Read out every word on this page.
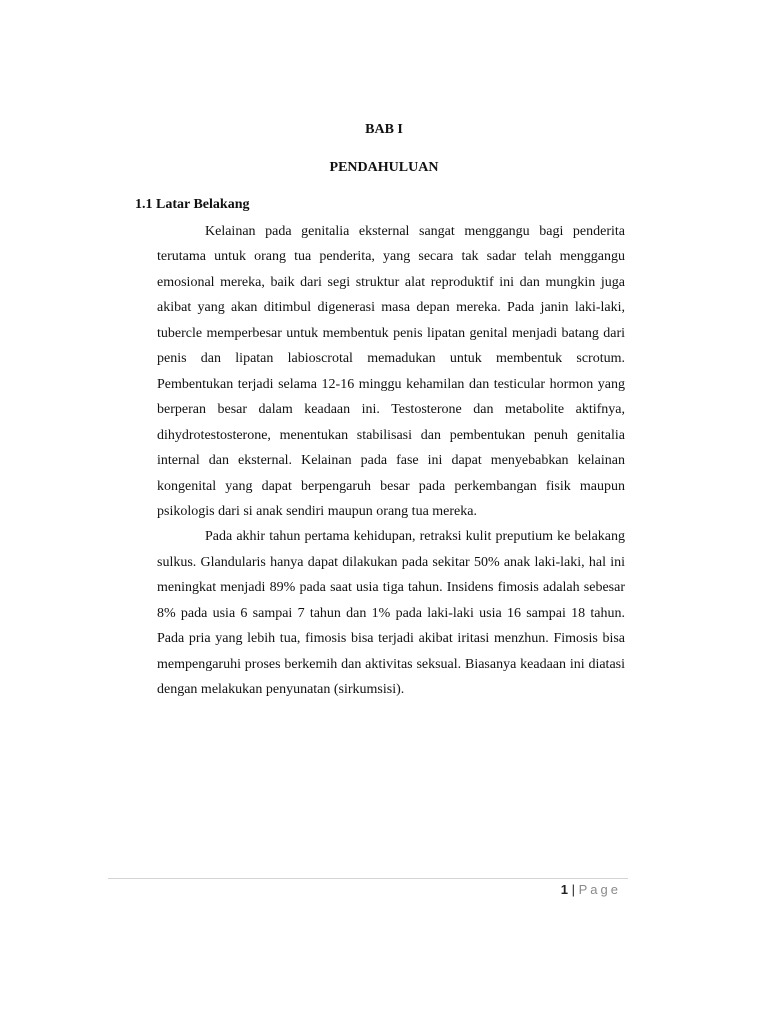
BAB I
PENDAHULUAN
1.1 Latar Belakang

Kelainan pada genitalia eksternal sangat menggangu bagi penderita terutama untuk orang tua penderita, yang secara tak sadar telah menggangu emosional mereka, baik dari segi struktur alat reproduktif ini dan mungkin juga akibat yang akan ditimbul digenerasi masa depan mereka. Pada janin laki-laki, tubercle memperbesar untuk membentuk penis lipatan genital menjadi batang dari penis dan lipatan labioscrotal memadukan untuk membentuk scrotum. Pembentukan terjadi selama 12-16 minggu kehamilan dan testicular hormon yang berperan besar dalam keadaan ini. Testosterone dan metabolite aktifnya, dihydrotestosterone, menentukan stabilisasi dan pembentukan penuh genitalia internal dan eksternal. Kelainan pada fase ini dapat menyebabkan kelainan kongenital yang dapat berpengaruh besar pada perkembangan fisik maupun psikologis dari si anak sendiri maupun orang tua mereka.

Pada akhir tahun pertama kehidupan, retraksi kulit preputium ke belakang sulkus. Glandularis hanya dapat dilakukan pada sekitar 50% anak laki-laki, hal ini meningkat menjadi 89% pada saat usia tiga tahun. Insidens fimosis adalah sebesar 8% pada usia 6 sampai 7 tahun dan 1% pada laki-laki usia 16 sampai 18 tahun. Pada pria yang lebih tua, fimosis bisa terjadi akibat iritasi menzhun. Fimosis bisa mempengaruhi proses berkemih dan aktivitas seksual. Biasanya keadaan ini diatasi dengan melakukan penyunatan (sirkumsisi).

1 | Page
